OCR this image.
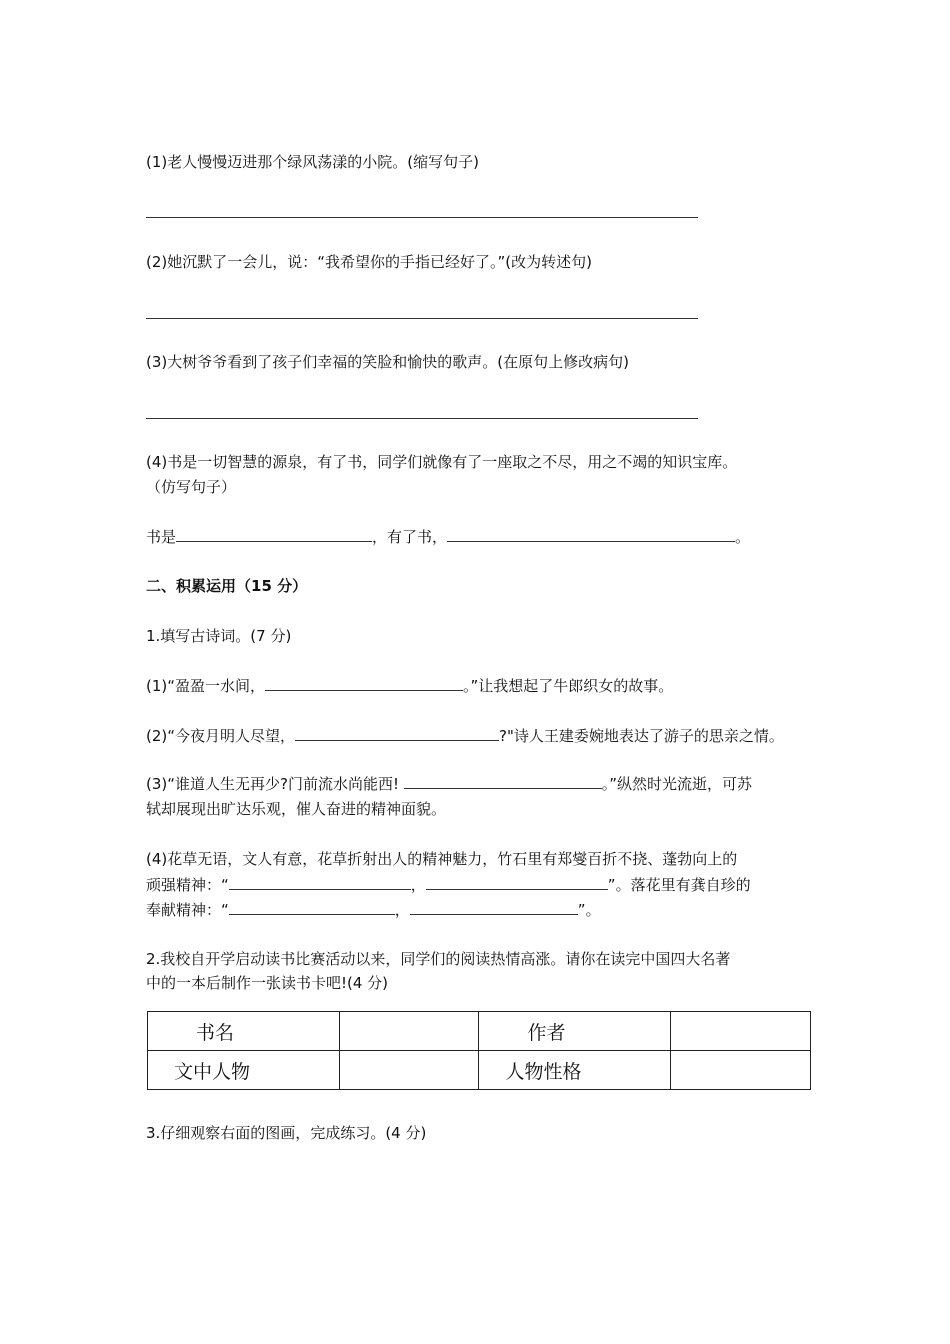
(1)老人慢慢迈进那个绿风荡漾的小院。(缩写句子)
(2)她沉默了一会儿，说：“我希望你的手指已经好了。”(改为转述句)
(3)大树爷爷看到了孩子们幸福的笑脸和愉快的歌声。(在原句上修改病句)
(4)书是一切智慧的源泉，有了书，同学们就像有了一座取之不尽，用之不竭的知识宝库。
（仿写句子）
书是	，有了书，	。
二、积累运用（15 分）
1.填写古诗词。(7 分)
(1)“盈盈一水间，	。”让我想起了牛郎织女的故事。
(2)“今夜月明人尽望，	?"诗人王建委婉地表达了游子的思亲之情。
(3)“谁道人生无再少?门前流水尚能西!	。”纵然时光流逝，可苏
轼却展现出旷达乐观，催人奋进的精神面貌。
(4)花草无语，文人有意，花草折射出人的精神魅力，竹石里有郑燮百折不挠、蓬勃向上的
顽强精神：“	，	”。落花里有龚自珍的
奉献精神：“	，	”。
2.我校自开学启动读书比赛活动以来，同学们的阅读热情高涨。请你在读完中国四大名著
中的一本后制作一张读书卡吧!(4 分)
书名		作者	
文中人物		人物性格	
3.仔细观察右面的图画，完成练习。(4 分)
